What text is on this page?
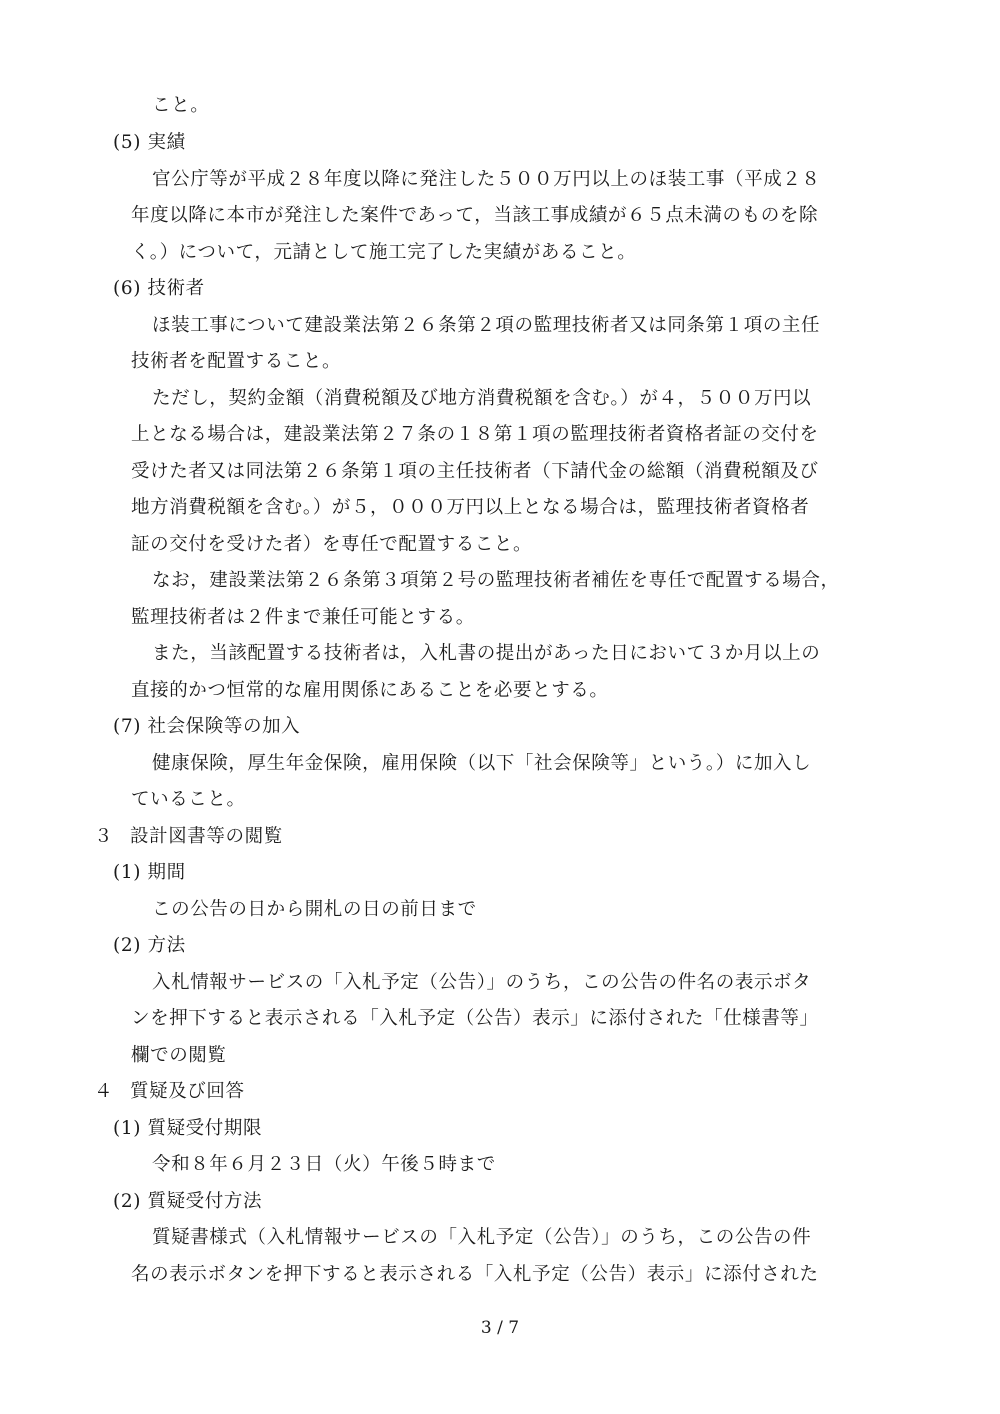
こと。
(5) 実績
官公庁等が平成２８年度以降に発注した５００万円以上のほ装工事（平成２８
年度以降に本市が発注した案件であって，当該工事成績が６５点未満のものを除
く。）について，元請として施工完了した実績があること。
(6) 技術者
ほ装工事について建設業法第２６条第２項の監理技術者又は同条第１項の主任
技術者を配置すること。
ただし，契約金額（消費税額及び地方消費税額を含む。）が４，５００万円以
上となる場合は，建設業法第２７条の１８第１項の監理技術者資格者証の交付を
受けた者又は同法第２６条第１項の主任技術者（下請代金の総額（消費税額及び
地方消費税額を含む。）が５，０００万円以上となる場合は，監理技術者資格者
証の交付を受けた者）を専任で配置すること。
なお，建設業法第２６条第３項第２号の監理技術者補佐を専任で配置する場合，
監理技術者は２件まで兼任可能とする。
また，当該配置する技術者は，入札書の提出があった日において３か月以上の
直接的かつ恒常的な雇用関係にあることを必要とする。
(7) 社会保険等の加入
健康保険，厚生年金保険，雇用保険（以下「社会保険等」という。）に加入し
ていること。
３ 設計図書等の閲覧
(1) 期間
この公告の日から開札の日の前日まで
(2) 方法
入札情報サービスの「入札予定（公告）」のうち，この公告の件名の表示ボタ
ンを押下すると表示される「入札予定（公告）表示」に添付された「仕様書等」
欄での閲覧
４ 質疑及び回答
(1) 質疑受付期限
令和８年６月２３日（火）午後５時まで
(2) 質疑受付方法
質疑書様式（入札情報サービスの「入札予定（公告）」のうち，この公告の件
名の表示ボタンを押下すると表示される「入札予定（公告）表示」に添付された
3 / 7
